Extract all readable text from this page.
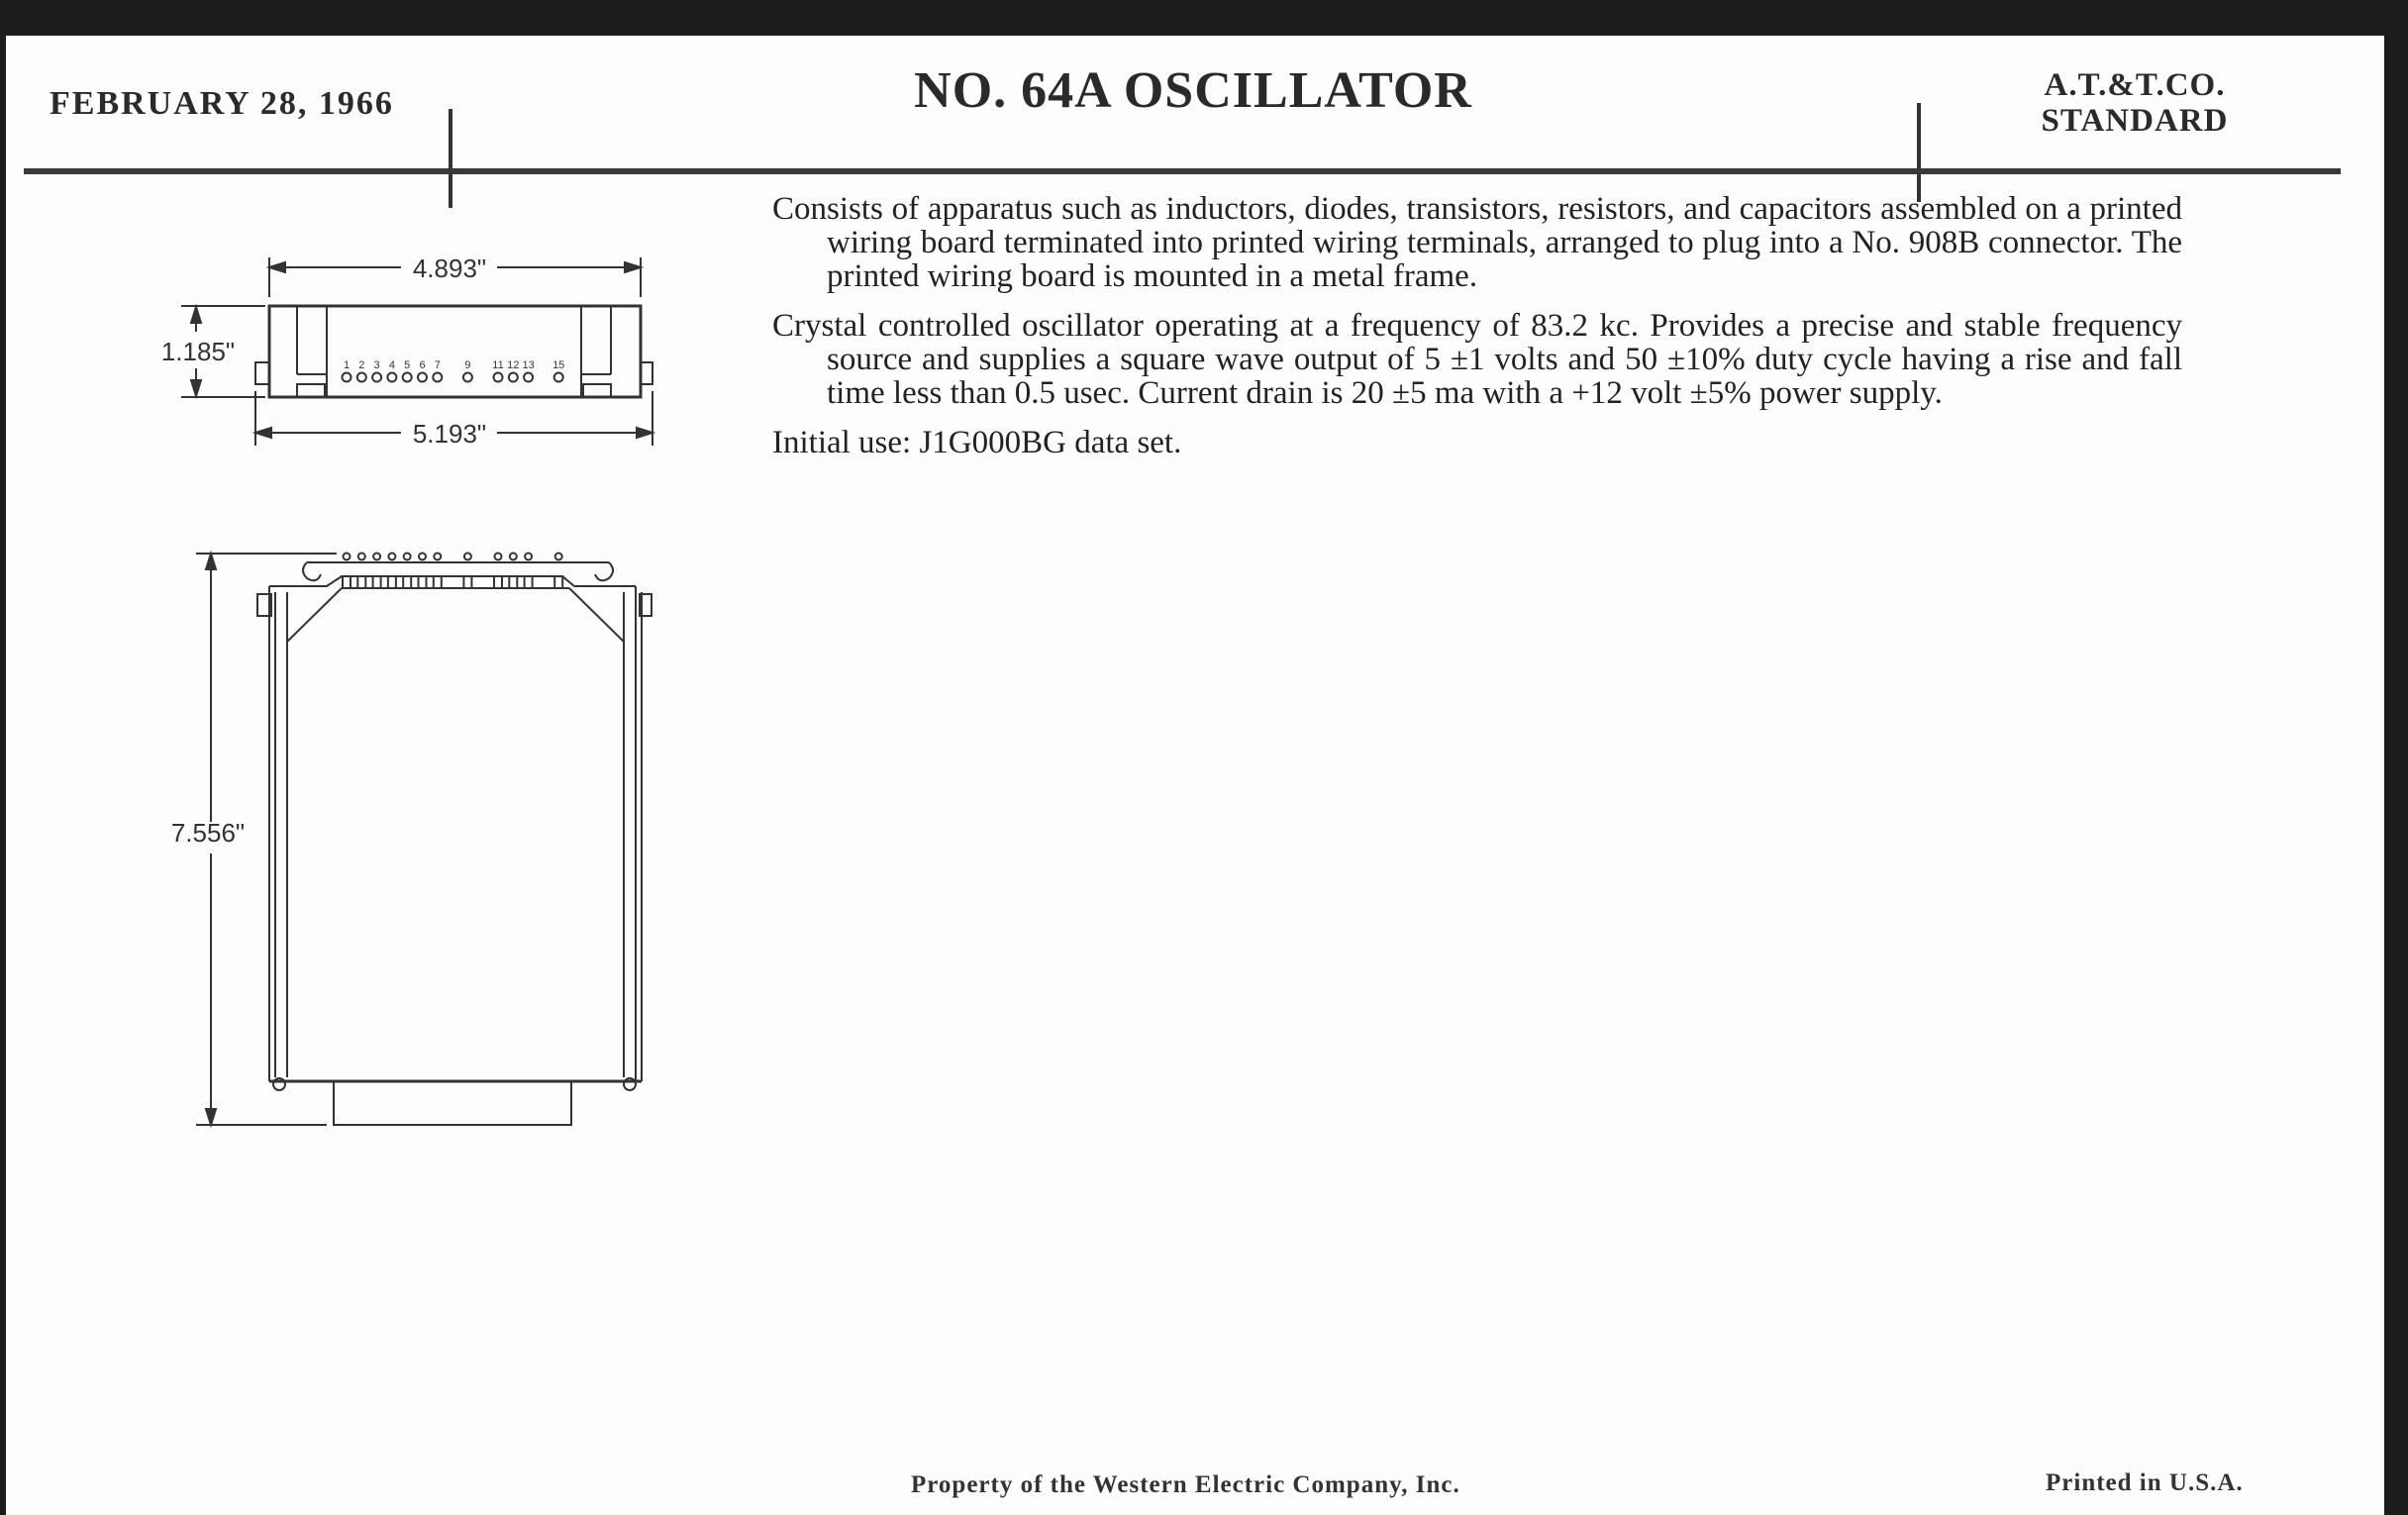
FEBRUARY 28, 1966	NO. 64A OSCILLATOR	A.T.&T.CO.
STANDARD
4.893"
5.193"
1.185"	1 2 3 4 5 6 7 9 11 12 13 15
7.556"

Consists of apparatus such as inductors, diodes, transistors, resistors, and capacitors assembled on a printed wiring board terminated into printed wiring terminals, arranged to plug into a No. 908B connector. The printed wiring board is mounted in a metal frame.

Crystal controlled oscillator operating at a frequency of 83.2 kc. Provides a precise and stable frequency source and supplies a square wave output of 5 ±1 volts and 50 ±10% duty cycle having a rise and fall time less than 0.5 usec. Current drain is 20 ±5 ma with a +12 volt ±5% power supply.

Initial use: J1G000BG data set.

Property of the Western Electric Company, Inc.	Printed in U.S.A.
